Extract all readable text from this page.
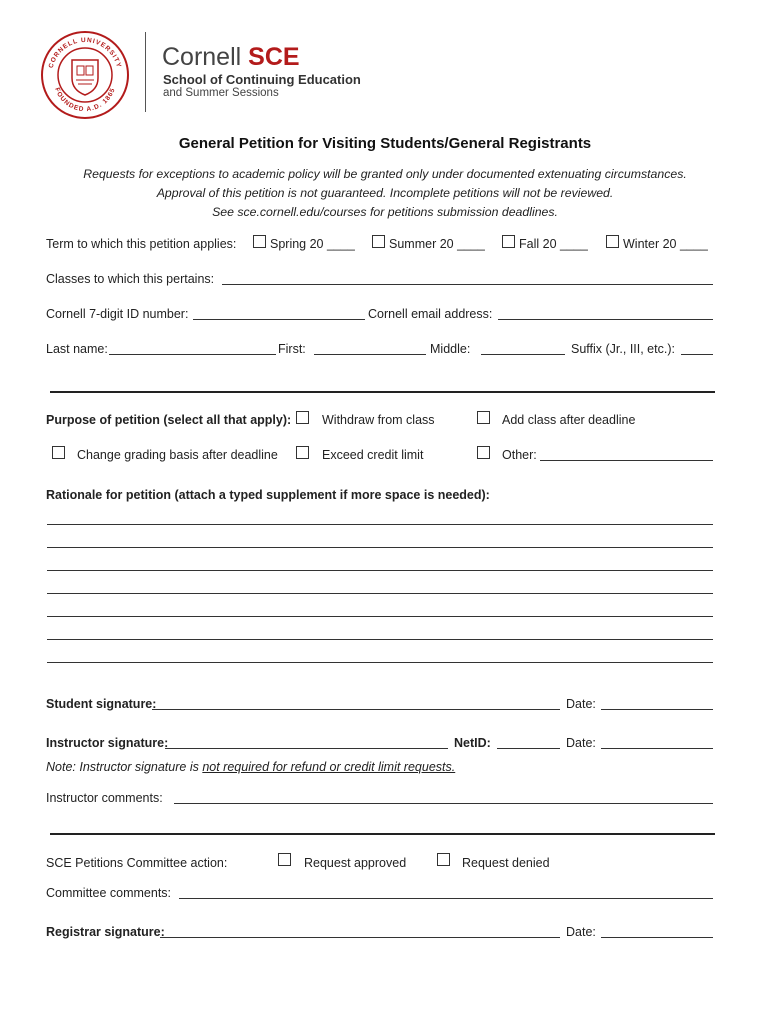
CORNELL UNIVERSITY
FOUNDED A.D. 1865
Cornell SCE
School of Continuing Education
and Summer Sessions
General Petition for Visiting Students/General Registrants
Requests for exceptions to academic policy will be granted only under documented extenuating circumstances.
Approval of this petition is not guaranteed. Incomplete petitions will not be reviewed.
See sce.cornell.edu/courses for petitions submission deadlines.
Term to which this petition applies:	Spring 20 ____	Summer 20 ____	Fall 20 ____	Winter 20 ____
Classes to which this pertains:
Cornell 7-digit ID number:	Cornell email address:
Last name:	First:	Middle:	Suffix (Jr., III, etc.):
Purpose of petition (select all that apply): Withdraw from class	Add class after deadline
Change grading basis after deadline	Exceed credit limit	Other:
Rationale for petition (attach a typed supplement if more space is needed):
Student signature:	Date:
Instructor signature:	NetID:	Date:
Note: Instructor signature is not required for refund or credit limit requests.
Instructor comments:
SCE Petitions Committee action:	Request approved	Request denied
Committee comments:
Registrar signature:	Date:
